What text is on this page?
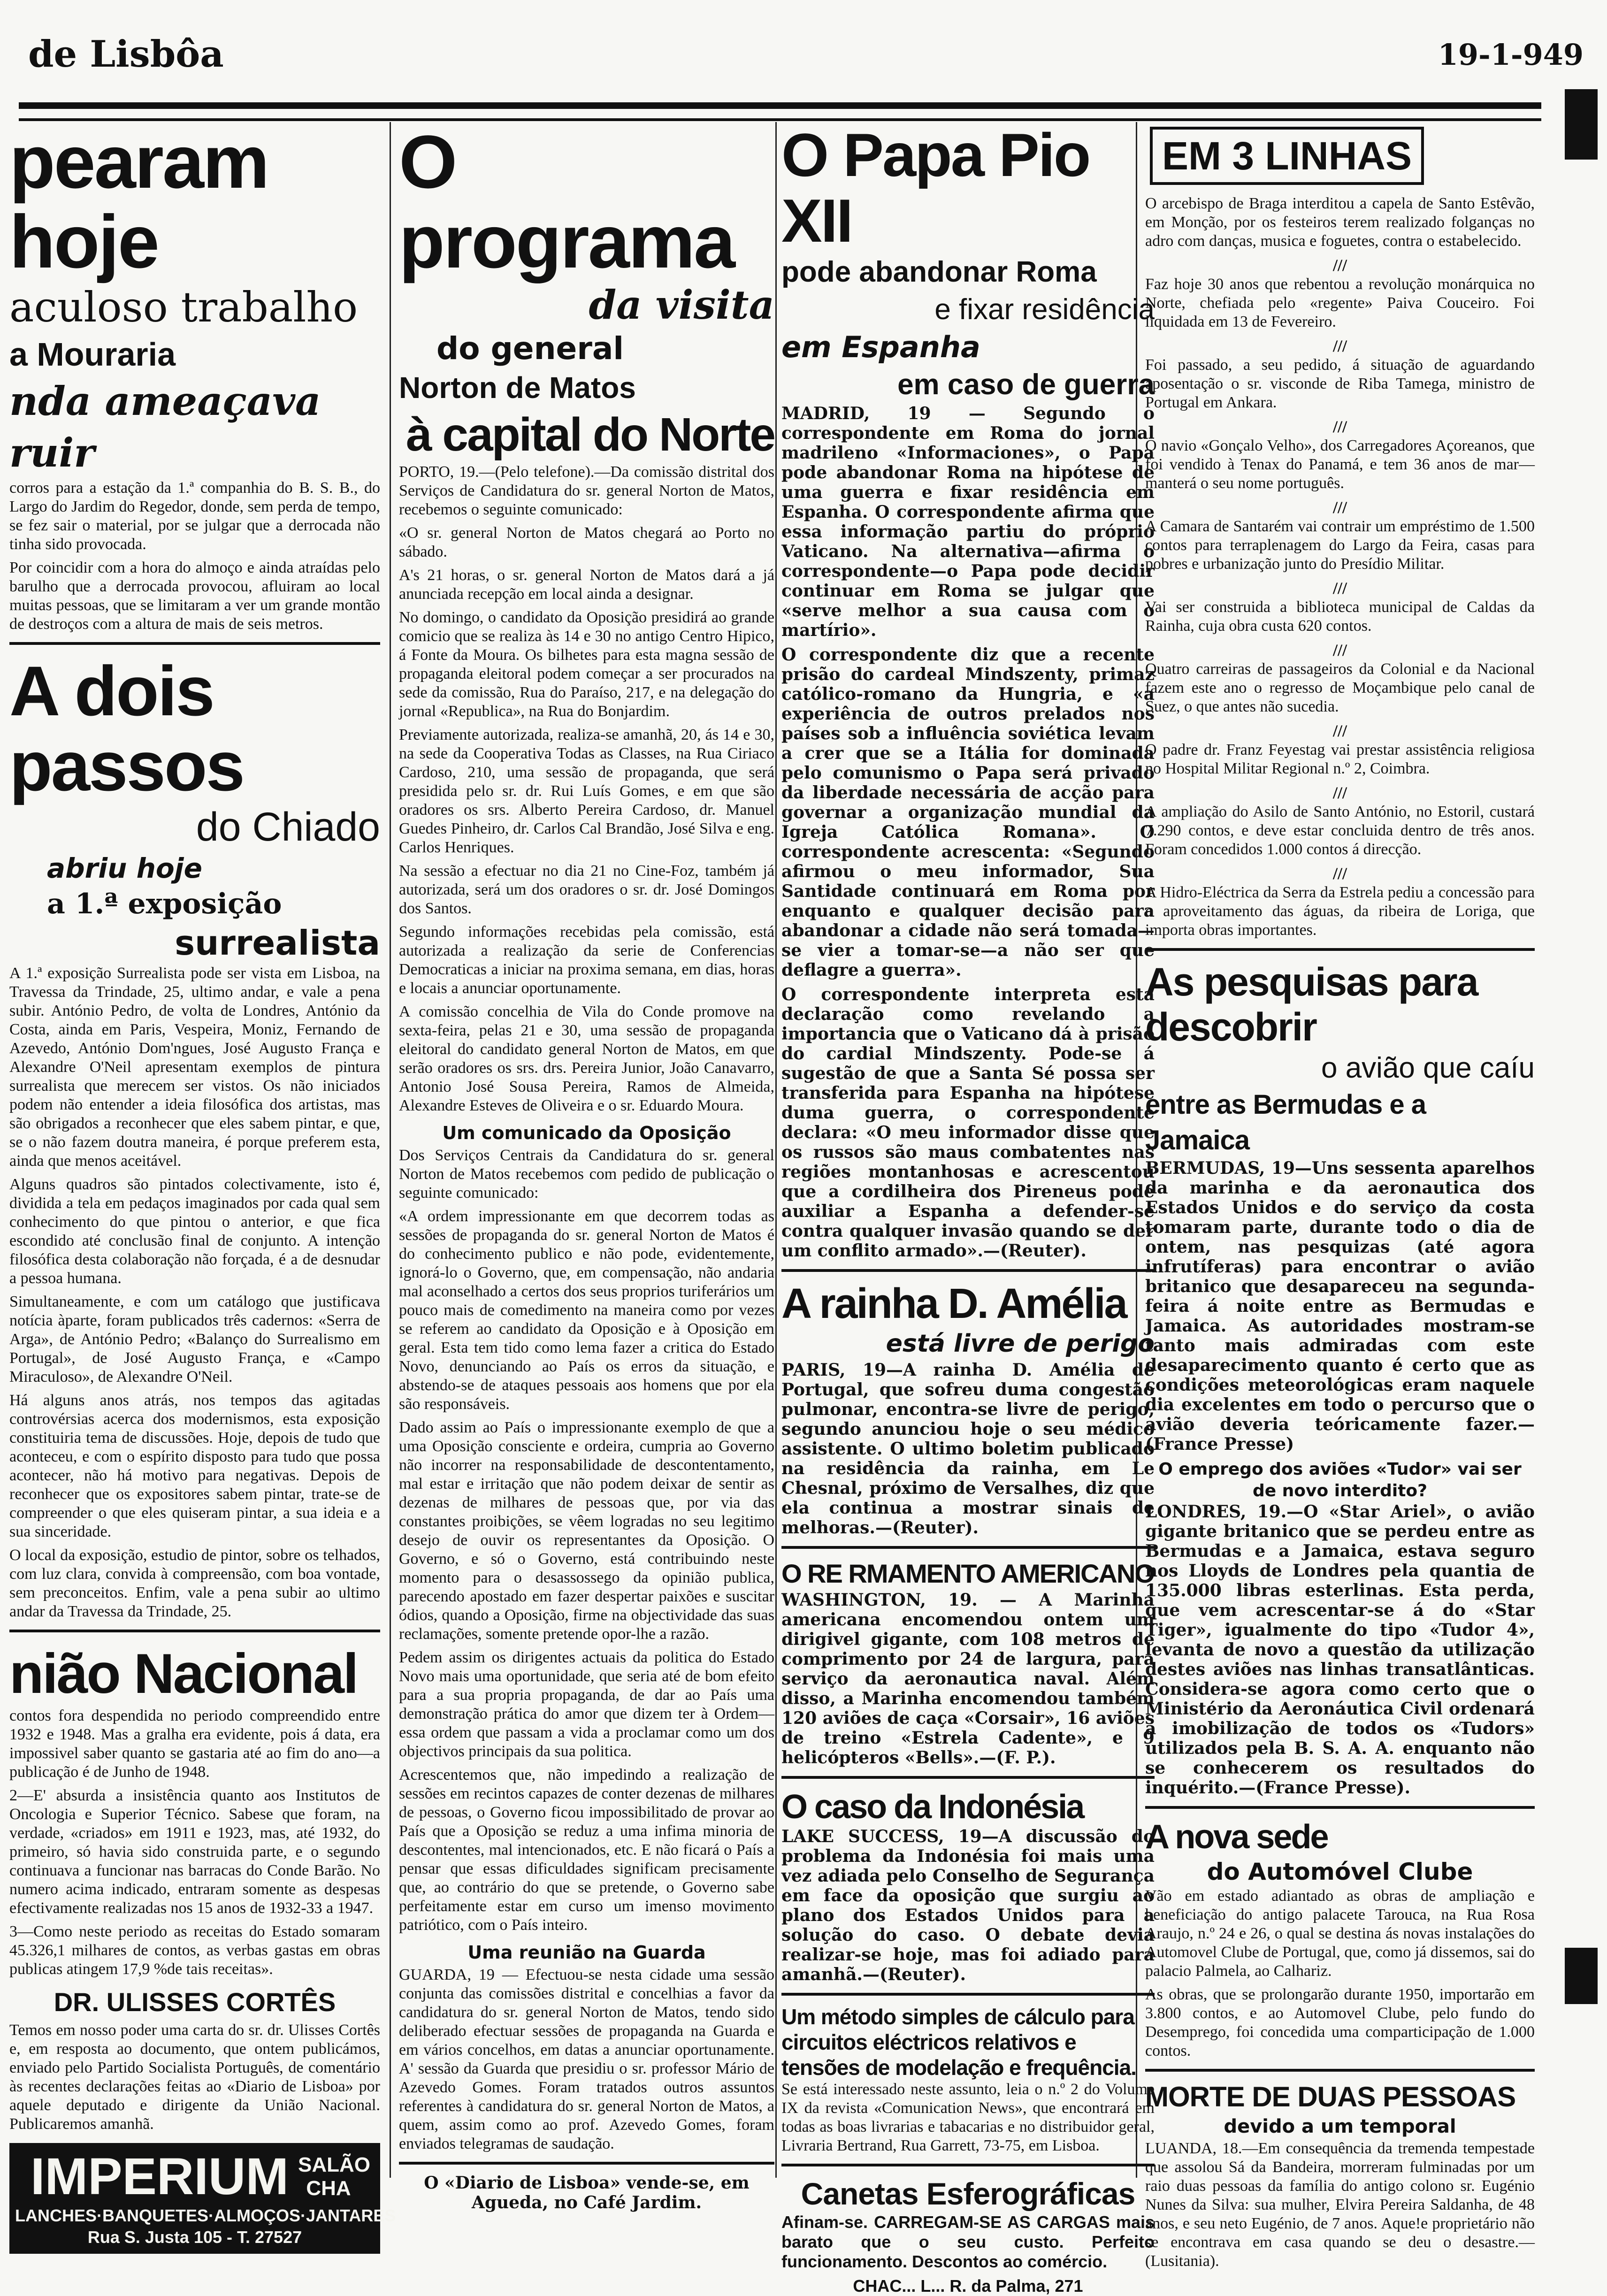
de Lisbôa	19-1-949
pearam hoje
aculoso trabalho
a Mouraria
nda ameaçava ruir

corros para a estação da 1.ª companhia do B. S. B., do Largo do Jardim do Regedor, donde, sem perda de tempo, se fez sair o material, por se julgar que a derrocada não tinha sido provocada.

Por coincidir com a hora do almoço e ainda atraídas pelo barulho que a derrocada provocou, afluiram ao local muitas pessoas, que se limitaram a ver um grande montão de destroços com a altura de mais de seis metros.

A dois passos
do Chiado
abriu hoje
a 1.ª exposição
surrealista

A 1.ª exposição Surrealista pode ser vista em Lisboa, na Travessa da Trindade, 25, ultimo andar, e vale a pena subir. António Pedro, de volta de Londres, António da Costa, ainda em Paris, Vespeira, Moniz, Fernando de Azevedo, António Dom'ngues, José Augusto França e Alexandre O'Neil apresentam exemplos de pintura surrealista que merecem ser vistos. Os não iniciados podem não entender a ideia filosófica dos artistas, mas são obrigados a reconhecer que eles sabem pintar, e que, se o não fazem doutra maneira, é porque preferem esta, ainda que menos aceitável.

Alguns quadros são pintados colectivamente, isto é, dividida a tela em pedaços imaginados por cada qual sem conhecimento do que pintou o anterior, e que fica escondido até conclusão final de conjunto. A intenção filosófica desta colaboração não forçada, é a de desnudar a pessoa humana.

Simultaneamente, e com um catálogo que justificava notícia àparte, foram publicados três cadernos: «Serra de Arga», de António Pedro; «Balanço do Surrealismo em Portugal», de José Augusto França, e «Campo Miraculoso», de Alexandre O'Neil.

Há alguns anos atrás, nos tempos das agitadas controvérsias acerca dos modernismos, esta exposição constituiria tema de discussões. Hoje, depois de tudo que aconteceu, e com o espírito disposto para tudo que possa acontecer, não há motivo para negativas. Depois de reconhecer que os expositores sabem pintar, trate-se de compreender o que eles quiseram pintar, a sua ideia e a sua sinceridade.

O local da exposição, estudio de pintor, sobre os telhados, com luz clara, convida à compreensão, com boa vontade, sem preconceitos. Enfim, vale a pena subir ao ultimo andar da Travessa da Trindade, 25.

nião Nacional

contos fora despendida no periodo compreendido entre 1932 e 1948. Mas a gralha era evidente, pois á data, era impossivel saber quanto se gastaria até ao fim do ano—a publicação é de Junho de 1948.

2—E' absurda a insistência quanto aos Institutos de Oncologia e Superior Técnico. Sabese que foram, na verdade, «criados» em 1911 e 1923, mas, até 1932, do primeiro, só havia sido construida parte, e o segundo continuava a funcionar nas barracas do Conde Barão. No numero acima indicado, entraram somente as despesas efectivamente realizadas nos 15 anos de 1932-33 a 1947.

3—Como neste periodo as receitas do Estado somaram 45.326,1 milhares de contos, as verbas gastas em obras publicas atingem 17,9 %de tais receitas».

DR. ULISSES CORTÊS

Temos em nosso poder uma carta do sr. dr. Ulisses Cortês e, em resposta ao documento, que ontem publicámos, enviado pelo Partido Socialista Português, de comentário às recentes declarações feitas ao «Diario de Lisboa» por aquele deputado e dirigente da União Nacional. Publicaremos amanhã.

IMPERIUM SALÃO CHA
LANCHES·BANQUETES·ALMOÇOS·JANTARES
Rua S. Justa 105 - T. 27527
O programa
da visita
do general
Norton de Matos
à capital do Norte

PORTO, 19.—(Pelo telefone).—Da comissão distrital dos Serviços de Candidatura do sr. general Norton de Matos, recebemos o seguinte comunicado:

«O sr. general Norton de Matos chegará ao Porto no sábado.

A's 21 horas, o sr. general Norton de Matos dará a já anunciada recepção em local ainda a designar.

No domingo, o candidato da Oposição presidirá ao grande comicio que se realiza às 14 e 30 no antigo Centro Hipico, á Fonte da Moura. Os bilhetes para esta magna sessão de propaganda eleitoral podem começar a ser procurados na sede da comissão, Rua do Paraíso, 217, e na delegação do jornal «Republica», na Rua do Bonjardim.

Previamente autorizada, realiza-se amanhã, 20, ás 14 e 30, na sede da Cooperativa Todas as Classes, na Rua Ciriaco Cardoso, 210, uma sessão de propaganda, que será presidida pelo sr. dr. Rui Luís Gomes, e em que são oradores os srs. Alberto Pereira Cardoso, dr. Manuel Guedes Pinheiro, dr. Carlos Cal Brandão, José Silva e eng. Carlos Henriques.

Na sessão a efectuar no dia 21 no Cine-Foz, também já autorizada, será um dos oradores o sr. dr. José Domingos dos Santos.

Segundo informações recebidas pela comissão, está autorizada a realização da serie de Conferencias Democraticas a iniciar na proxima semana, em dias, horas e locais a anunciar oportunamente.

A comissão concelhia de Vila do Conde promove na sexta-feira, pelas 21 e 30, uma sessão de propaganda eleitoral do candidato general Norton de Matos, em que serão oradores os srs. drs. Pereira Junior, João Canavarro, Antonio José Sousa Pereira, Ramos de Almeida, Alexandre Esteves de Oliveira e o sr. Eduardo Moura.

Um comunicado da Oposição

Dos Serviços Centrais da Candidatura do sr. general Norton de Matos recebemos com pedido de publicação o seguinte comunicado:

«A ordem impressionante em que decorrem todas as sessões de propaganda do sr. general Norton de Matos é do conhecimento publico e não pode, evidentemente, ignorá-lo o Governo, que, em compensação, não andaria mal aconselhado a certos dos seus proprios turiferários um pouco mais de comedimento na maneira como por vezes se referem ao candidato da Oposição e à Oposição em geral. Esta tem tido como lema fazer a critica do Estado Novo, denunciando ao País os erros da situação, e abstendo-se de ataques pessoais aos homens que por ela são responsáveis.

Dado assim ao País o impressionante exemplo de que a uma Oposição consciente e ordeira, cumpria ao Governo não incorrer na responsabilidade de descontentamento, mal estar e irritação que não podem deixar de sentir as dezenas de milhares de pessoas que, por via das constantes proibições, se vêem logradas no seu legitimo desejo de ouvir os representantes da Oposição. O Governo, e só o Governo, está contribuindo neste momento para o desassossego da opinião publica, parecendo apostado em fazer despertar paixões e suscitar ódios, quando a Oposição, firme na objectividade das suas reclamações, somente pretende opor-lhe a razão.

Pedem assim os dirigentes actuais da politica do Estado Novo mais uma oportunidade, que seria até de bom efeito para a sua propria propaganda, de dar ao País uma demonstração prática do amor que dizem ter à Ordem—essa ordem que passam a vida a proclamar como um dos objectivos principais da sua politica.

Acrescentemos que, não impedindo a realização de sessões em recintos capazes de conter dezenas de milhares de pessoas, o Governo ficou impossibilitado de provar ao País que a Oposição se reduz a uma infima minoria de descontentes, mal intencionados, etc. E não ficará o País a pensar que essas dificuldades significam precisamente que, ao contrário do que se pretende, o Governo sabe perfeitamente estar em curso um imenso movimento patriótico, com o País inteiro.

Uma reunião na Guarda

GUARDA, 19 — Efectuou-se nesta cidade uma sessão conjunta das comissões distrital e concelhias a favor da candidatura do sr. general Norton de Matos, tendo sido deliberado efectuar sessões de propaganda na Guarda e em vários concelhos, em datas a anunciar oportunamente. A' sessão da Guarda que presidiu o sr. professor Mário de Azevedo Gomes. Foram tratados outros assuntos referentes à candidatura do sr. general Norton de Matos, a quem, assim como ao prof. Azevedo Gomes, foram enviados telegramas de saudação.

O «Diario de Lisboa» vende-se, em Agueda, no Café Jardim.

O Papa Pio XII
pode abandonar Roma
e fixar residência
em Espanha
em caso de guerra

MADRID, 19 — Segundo o correspondente em Roma do jornal madrileno «Informaciones», o Papa pode abandonar Roma na hipótese de uma guerra e fixar residência em Espanha. O correspondente afirma que essa informação partiu do próprio Vaticano. Na alternativa—afirma o correspondente—o Papa pode decidir continuar em Roma se julgar que «serve melhor a sua causa com o martírio».

O correspondente diz que a recente prisão do cardeal Mindszenty, primaz católico-romano da Hungria, e «a experiência de outros prelados nos países sob a influência soviética levam a crer que se a Itália for dominada pelo comunismo o Papa será privado da liberdade necessária de acção para governar a organização mundial da Igreja Católica Romana». O correspondente acrescenta: «Segundo afirmou o meu informador, Sua Santidade continuará em Roma por enquanto e qualquer decisão para abandonar a cidade não será tomada—se vier a tomar-se—a não ser que deflagre a guerra».

O correspondente interpreta esta declaração como revelando a importancia que o Vaticano dá à prisão do cardial Mindszenty. Pode-se á sugestão de que a Santa Sé possa ser transferida para Espanha na hipótese duma guerra, o correspondente declara: «O meu informador disse que os russos são maus combatentes nas regiões montanhosas e acrescentou que a cordilheira dos Pireneus pode auxiliar a Espanha a defender-se contra qualquer invasão quando se der um conflito armado».—(Reuter).

A rainha D. Amélia
está livre de perigo

PARIS, 19—A rainha D. Amélia de Portugal, que sofreu duma congestão pulmonar, encontra-se livre de perigo, segundo anunciou hoje o seu médico assistente. O ultimo boletim publicado na residência da rainha, em Le Chesnal, próximo de Versalhes, diz que ela continua a mostrar sinais de melhoras.—(Reuter).

O RE RMAMENTO AMERICANO

WASHINGTON, 19. — A Marinha americana encomendou ontem um dirigivel gigante, com 108 metros de comprimento por 24 de largura, para serviço da aeronautica naval. Além disso, a Marinha encomendou também 120 aviões de caça «Corsair», 16 aviões de treino «Estrela Cadente», e 9 helicópteros «Bells».—(F. P.).

O caso da Indonésia

LAKE SUCCESS, 19—A discussão do problema da Indonésia foi mais uma vez adiada pelo Conselho de Segurança em face da oposição que surgiu ao plano dos Estados Unidos para a solução do caso. O debate devia realizar-se hoje, mas foi adiado para amanhã.—(Reuter).

Um método simples de cálculo para circuitos eléctricos relativos e tensões de modelação e frequência.

Se está interessado neste assunto, leia o n.º 2 do Volume IX da revista «Comunication News», que encontrará em todas as boas livrarias e tabacarias e no distribuidor geral, Livraria Bertrand, Rua Garrett, 73-75, em Lisboa.

Canetas Esferográficas

Afinam-se. CARREGAM-SE AS CARGAS mais barato que o seu custo. Perfeito funcionamento. Descontos ao comércio.

CHAC... L... R. da Palma, 271

EM 3 LINHAS

O arcebispo de Braga interditou a capela de Santo Estêvão, em Monção, por os festeiros terem realizado folganças no adro com danças, musica e foguetes, contra o estabelecido.

///

Faz hoje 30 anos que rebentou a revolução monárquica no Norte, chefiada pelo «regente» Paiva Couceiro. Foi liquidada em 13 de Fevereiro.

///

Foi passado, a seu pedido, á situação de aguardando aposentação o sr. visconde de Riba Tamega, ministro de Portugal em Ankara.

///

O navio «Gonçalo Velho», dos Carregadores Açoreanos, que foi vendido à Tenax do Panamá, e tem 36 anos de mar—manterá o seu nome português.

///

A Camara de Santarém vai contrair um empréstimo de 1.500 contos para terraplenagem do Largo da Feira, casas para pobres e urbanização junto do Presídio Militar.

///

Vai ser construida a biblioteca municipal de Caldas da Rainha, cuja obra custa 620 contos.

///

Quatro carreiras de passageiros da Colonial e da Nacional fazem este ano o regresso de Moçambique pelo canal de Suez, o que antes não sucedia.

///

O padre dr. Franz Feyestag vai prestar assistência religiosa no Hospital Militar Regional n.º 2, Coimbra.

///

A ampliação do Asilo de Santo António, no Estoril, custará 7.290 contos, e deve estar concluida dentro de três anos. Foram concedidos 1.000 contos á direcção.

///

A Hidro-Eléctrica da Serra da Estrela pediu a concessão para o aproveitamento das águas, da ribeira de Loriga, que importa obras importantes.

As pesquisas para descobrir
o avião que caíu
entre as Bermudas e a Jamaica

BERMUDAS, 19—Uns sessenta aparelhos da marinha e da aeronautica dos Estados Unidos e do serviço da costa tomaram parte, durante todo o dia de ontem, nas pesquizas (até agora infrutíferas) para encontrar o avião britanico que desapareceu na segunda-feira á noite entre as Bermudas e Jamaica. As autoridades mostram-se tanto mais admiradas com este desaparecimento quanto é certo que as condições meteorológicas eram naquele dia excelentes em todo o percurso que o avião deveria teóricamente fazer.—(France Presse)

O emprego dos aviões «Tudor» vai ser de novo interdito?

LONDRES, 19.—O «Star Ariel», o avião gigante britanico que se perdeu entre as Bermudas e a Jamaica, estava seguro nos Lloyds de Londres pela quantia de 135.000 libras esterlinas. Esta perda, que vem acrescentar-se á do «Star Tiger», igualmente do tipo «Tudor 4», levanta de novo a questão da utilização destes aviões nas linhas transatlânticas. Considera-se agora como certo que o Ministério da Aeronáutica Civil ordenará a imobilização de todos os «Tudors» utilizados pela B. S. A. A. enquanto não se conhecerem os resultados do inquérito.—(France Presse).

A nova sede
do Automóvel Clube

Vão em estado adiantado as obras de ampliação e beneficiação do antigo palacete Taroucа, na Rua Rosa Araujo, n.º 24 e 26, o qual se destina ás novas instalações do Automovel Clube de Portugal, que, como já dissemos, sai do palacio Palmela, ao Calhariz.

As obras, que se prolongarão durante 1950, importarão em 3.800 contos, e ao Automovel Clube, pelo fundo do Desemprego, foi concedida uma comparticipação de 1.000 contos.

MORTE DE DUAS PESSOAS
devido a um temporal

LUANDA, 18.—Em consequência da tremenda tempestade que assolou Sá da Bandeira, morreram fulminadas por um raio duas pessoas da família do antigo colono sr. Eugénio Nunes da Silva: sua mulher, Elvira Pereira Saldanha, de 48 anos, e seu neto Eugénio, de 7 anos. Aque!e proprietário não se encontrava em casa quando se deu o desastre.—(Lusitania).
